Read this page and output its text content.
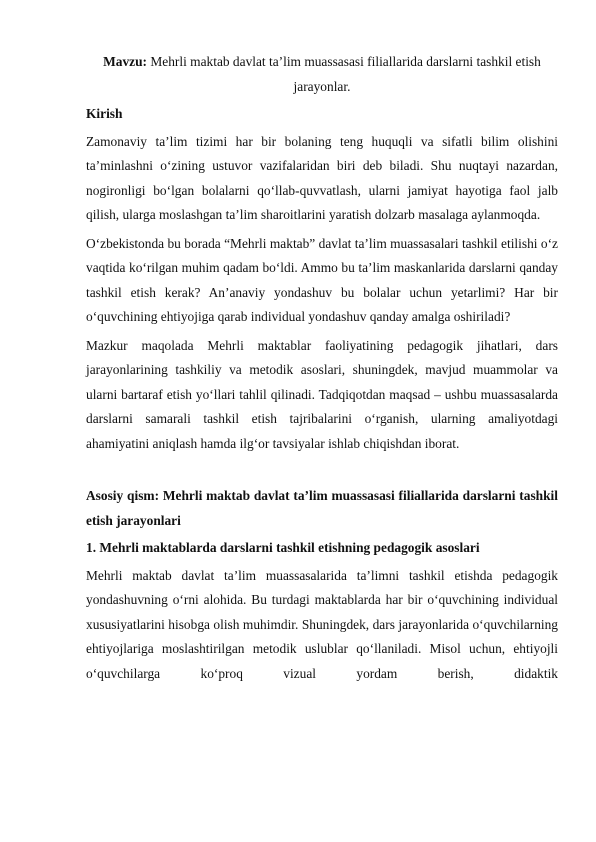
Mavzu: Mehrli maktab davlat ta’lim muassasasi filiallarida darslarni tashkil etish jarayonlar.
Kirish

Zamonaviy ta’lim tizimi har bir bolaning teng huquqli va sifatli bilim olishini ta’minlashni o‘zining ustuvor vazifalaridan biri deb biladi. Shu nuqtayi nazardan, nogironligi bo‘lgan bolalarni qo‘llab-quvvatlash, ularni jamiyat hayotiga faol jalb qilish, ularga moslashgan ta’lim sharoitlarini yaratish dolzarb masalaga aylanmoqda.

O‘zbekistonda bu borada “Mehrli maktab” davlat ta’lim muassasalari tashkil etilishi o‘z vaqtida ko‘rilgan muhim qadam bo‘ldi. Ammo bu ta’lim maskanlarida darslarni qanday tashkil etish kerak? An’anaviy yondashuv bu bolalar uchun yetarlimi? Har bir o‘quvchining ehtiyojiga qarab individual yondashuv qanday amalga oshiriladi?

Mazkur maqolada Mehrli maktablar faoliyatining pedagogik jihatlari, dars jarayonlarining tashkiliy va metodik asoslari, shuningdek, mavjud muammolar va ularni bartaraf etish yo‘llari tahlil qilinadi. Tadqiqotdan maqsad – ushbu muassasalarda darslarni samarali tashkil etish tajribalarini o‘rganish, ularning amaliyotdagi ahamiyatini aniqlash hamda ilg‘or tavsiyalar ishlab chiqishdan iborat.

Asosiy qism: Mehrli maktab davlat ta’lim muassasasi filiallarida darslarni tashkil etish jarayonlari
1. Mehrli maktablarda darslarni tashkil etishning pedagogik asoslari

Mehrli maktab davlat ta’lim muassasalarida ta’limni tashkil etishda pedagogik yondashuvning o‘rni alohida. Bu turdagi maktablarda har bir o‘quvchining individual xususiyatlarini hisobga olish muhimdir. Shuningdek, dars jarayonlarida o‘quvchilarning ehtiyojlariga moslashtirilgan metodik uslublar qo‘llaniladi. Misol uchun, ehtiyojli o‘quvchilarga ko‘proq vizual yordam berish, didaktik
